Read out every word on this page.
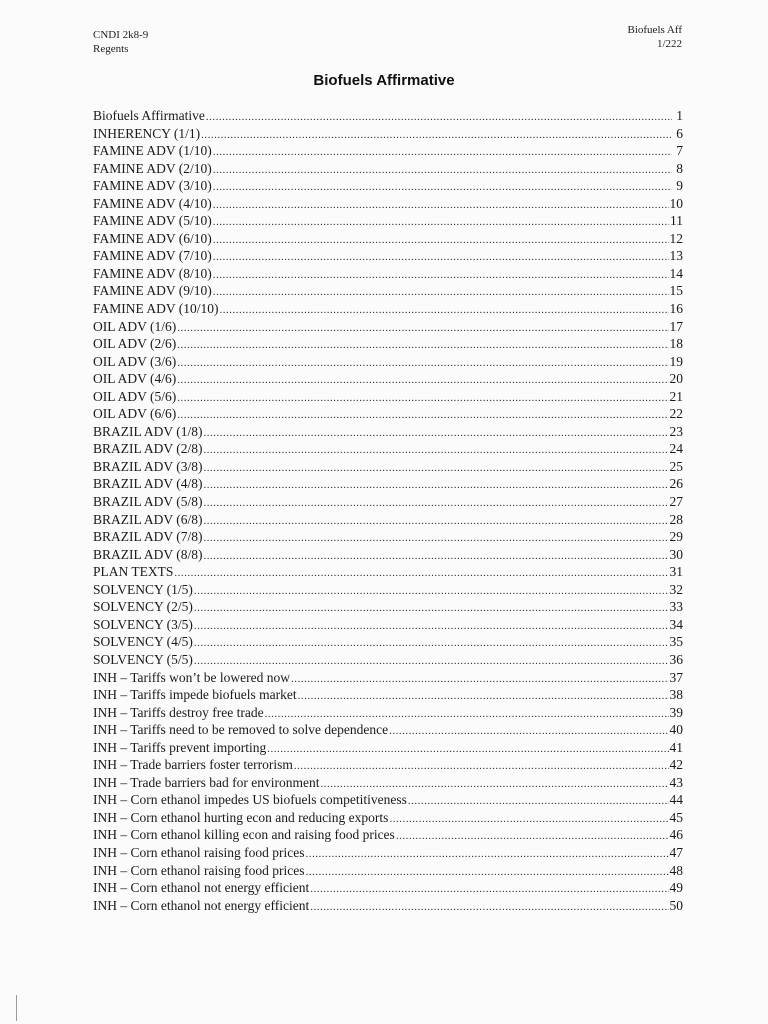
CNDI 2k8-9
Regents
Biofuels Aff
1/222
Biofuels Affirmative
Biofuels Affirmative .....	1
INHERENCY (1/1) .....	6
FAMINE ADV (1/10) .....	7
FAMINE ADV (2/10) .....	8
FAMINE ADV (3/10) .....	9
FAMINE ADV (4/10) .....	10
FAMINE ADV (5/10) .....	11
FAMINE ADV (6/10) .....	12
FAMINE ADV (7/10) .....	13
FAMINE ADV (8/10) .....	14
FAMINE ADV (9/10) .....	15
FAMINE ADV (10/10) .....	16
OIL ADV (1/6) .....	17
OIL ADV (2/6) .....	18
OIL ADV (3/6) .....	19
OIL ADV (4/6) .....	20
OIL ADV (5/6) .....	21
OIL ADV (6/6) .....	22
BRAZIL ADV (1/8) .....	23
BRAZIL ADV (2/8) .....	24
BRAZIL ADV (3/8) .....	25
BRAZIL ADV (4/8) .....	26
BRAZIL ADV (5/8) .....	27
BRAZIL ADV (6/8) .....	28
BRAZIL ADV (7/8) .....	29
BRAZIL ADV (8/8) .....	30
PLAN TEXTS .....	31
SOLVENCY (1/5) .....	32
SOLVENCY (2/5) .....	33
SOLVENCY (3/5) .....	34
SOLVENCY (4/5) .....	35
SOLVENCY (5/5) .....	36
INH – Tariffs won’t be lowered now .....	37
INH – Tariffs impede biofuels market .....	38
INH – Tariffs destroy free trade .....	39
INH – Tariffs need to be removed to solve dependence .....	40
INH – Tariffs prevent importing .....	41
INH – Trade barriers foster terrorism .....	42
INH – Trade barriers bad for environment .....	43
INH – Corn ethanol impedes US biofuels competitiveness .....	44
INH – Corn ethanol hurting econ and reducing exports .....	45
INH – Corn ethanol killing econ and raising food prices .....	46
INH – Corn ethanol raising food prices .....	47
INH – Corn ethanol raising food prices .....	48
INH – Corn ethanol not energy efficient .....	49
INH – Corn ethanol not energy efficient .....	50
